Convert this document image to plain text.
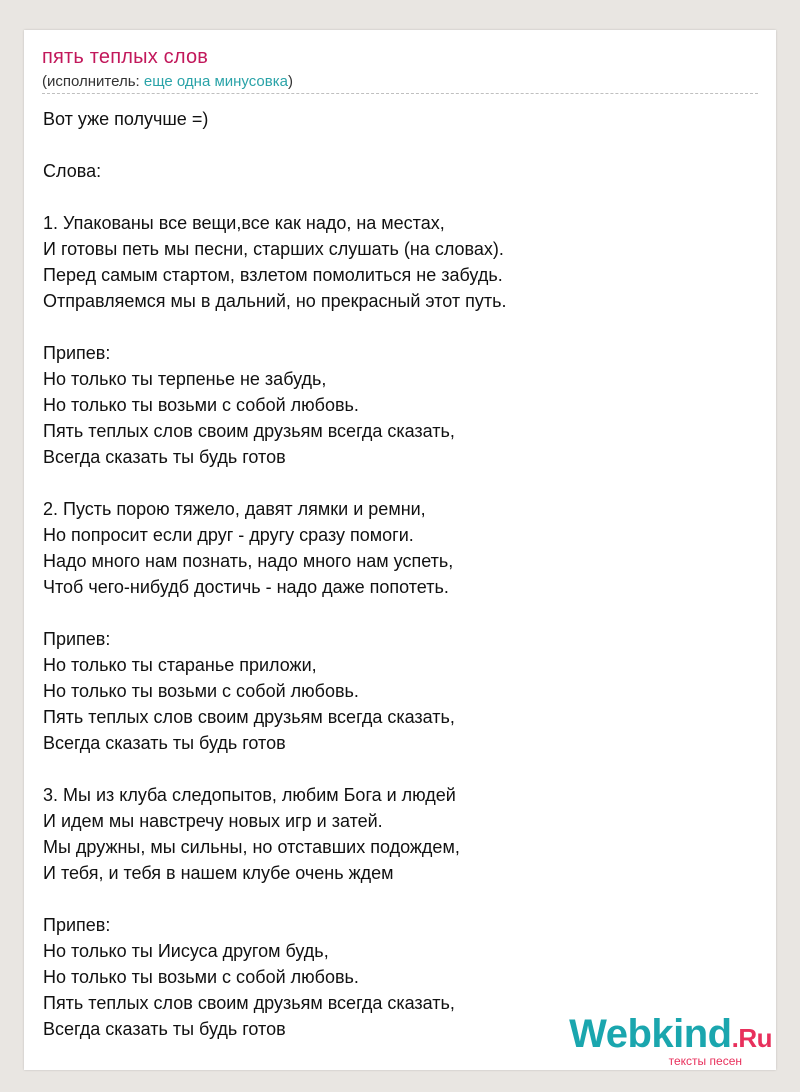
пять теплых слов
(исполнитель: еще одна минусовка)
Вот уже получше =)
Слова:
1. Упакованы все вещи,все как надо, на местах,
И готовы петь мы песни, старших слушать (на словах).
Перед самым стартом, взлетом помолиться не забудь.
Отправляемся мы в дальний, но прекрасный этот путь.
Припев:
Но только ты терпенье не забудь,
Но только ты возьми с собой любовь.
Пять теплых слов своим друзьям всегда сказать,
Всегда сказать ты будь готов
2. Пусть порою тяжело, давят лямки и ремни,
Но попросит если друг - другу сразу помоги.
Надо много нам познать, надо много нам успеть,
Чтоб чего-нибудб достичь - надо даже попотеть.
Припев:
Но только ты старанье приложи,
Но только ты возьми с собой любовь.
Пять теплых слов своим друзьям всегда сказать,
Всегда сказать ты будь готов
3. Мы из клуба следопытов, любим Бога и людей
И идем мы навстречу новых игр и затей.
Мы дружны, мы сильны, но отставших подождем,
И тебя, и тебя в нашем клубе очень ждем
Припев:
Но только ты Иисуса другом будь,
Но только ты возьми с собой любовь.
Пять теплых слов своим друзьям всегда сказать,
Всегда сказать ты будь готов	Webkind.Ru
тексты песен
